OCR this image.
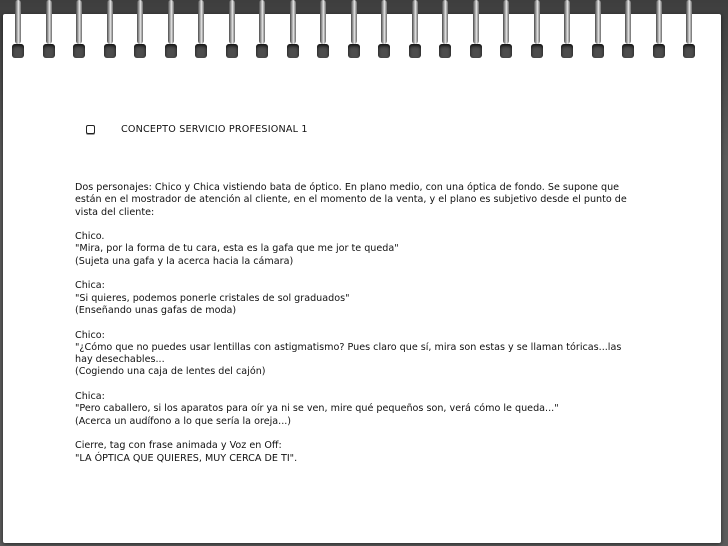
CONCEPTO SERVICIO PROFESIONAL 1

Dos personajes: Chico y Chica vistiendo bata de óptico. En plano medio, con una óptica de fondo. Se supone que
están en el mostrador de atención al cliente, en el momento de la venta, y el plano es subjetivo desde el punto de
vista del cliente:

Chico.
"Mira, por la forma de tu cara, esta es la gafa que me jor te queda"
(Sujeta una gafa y la acerca hacia la cámara)

Chica:
"Si quieres, podemos ponerle cristales de sol graduados"
(Enseñando unas gafas de moda)

Chico:
"¿Cómo que no puedes usar lentillas con astigmatismo? Pues claro que sí, mira son estas y se llaman tóricas...las
hay desechables...
(Cogiendo una caja de lentes del cajón)

Chica:
"Pero caballero, si los aparatos para oír ya ni se ven, mire qué pequeños son, verá cómo le queda..."
(Acerca un audífono a lo que sería la oreja...)

Cierre, tag con frase animada y Voz en Off:
"LA ÓPTICA QUE QUIERES, MUY CERCA DE TI".
